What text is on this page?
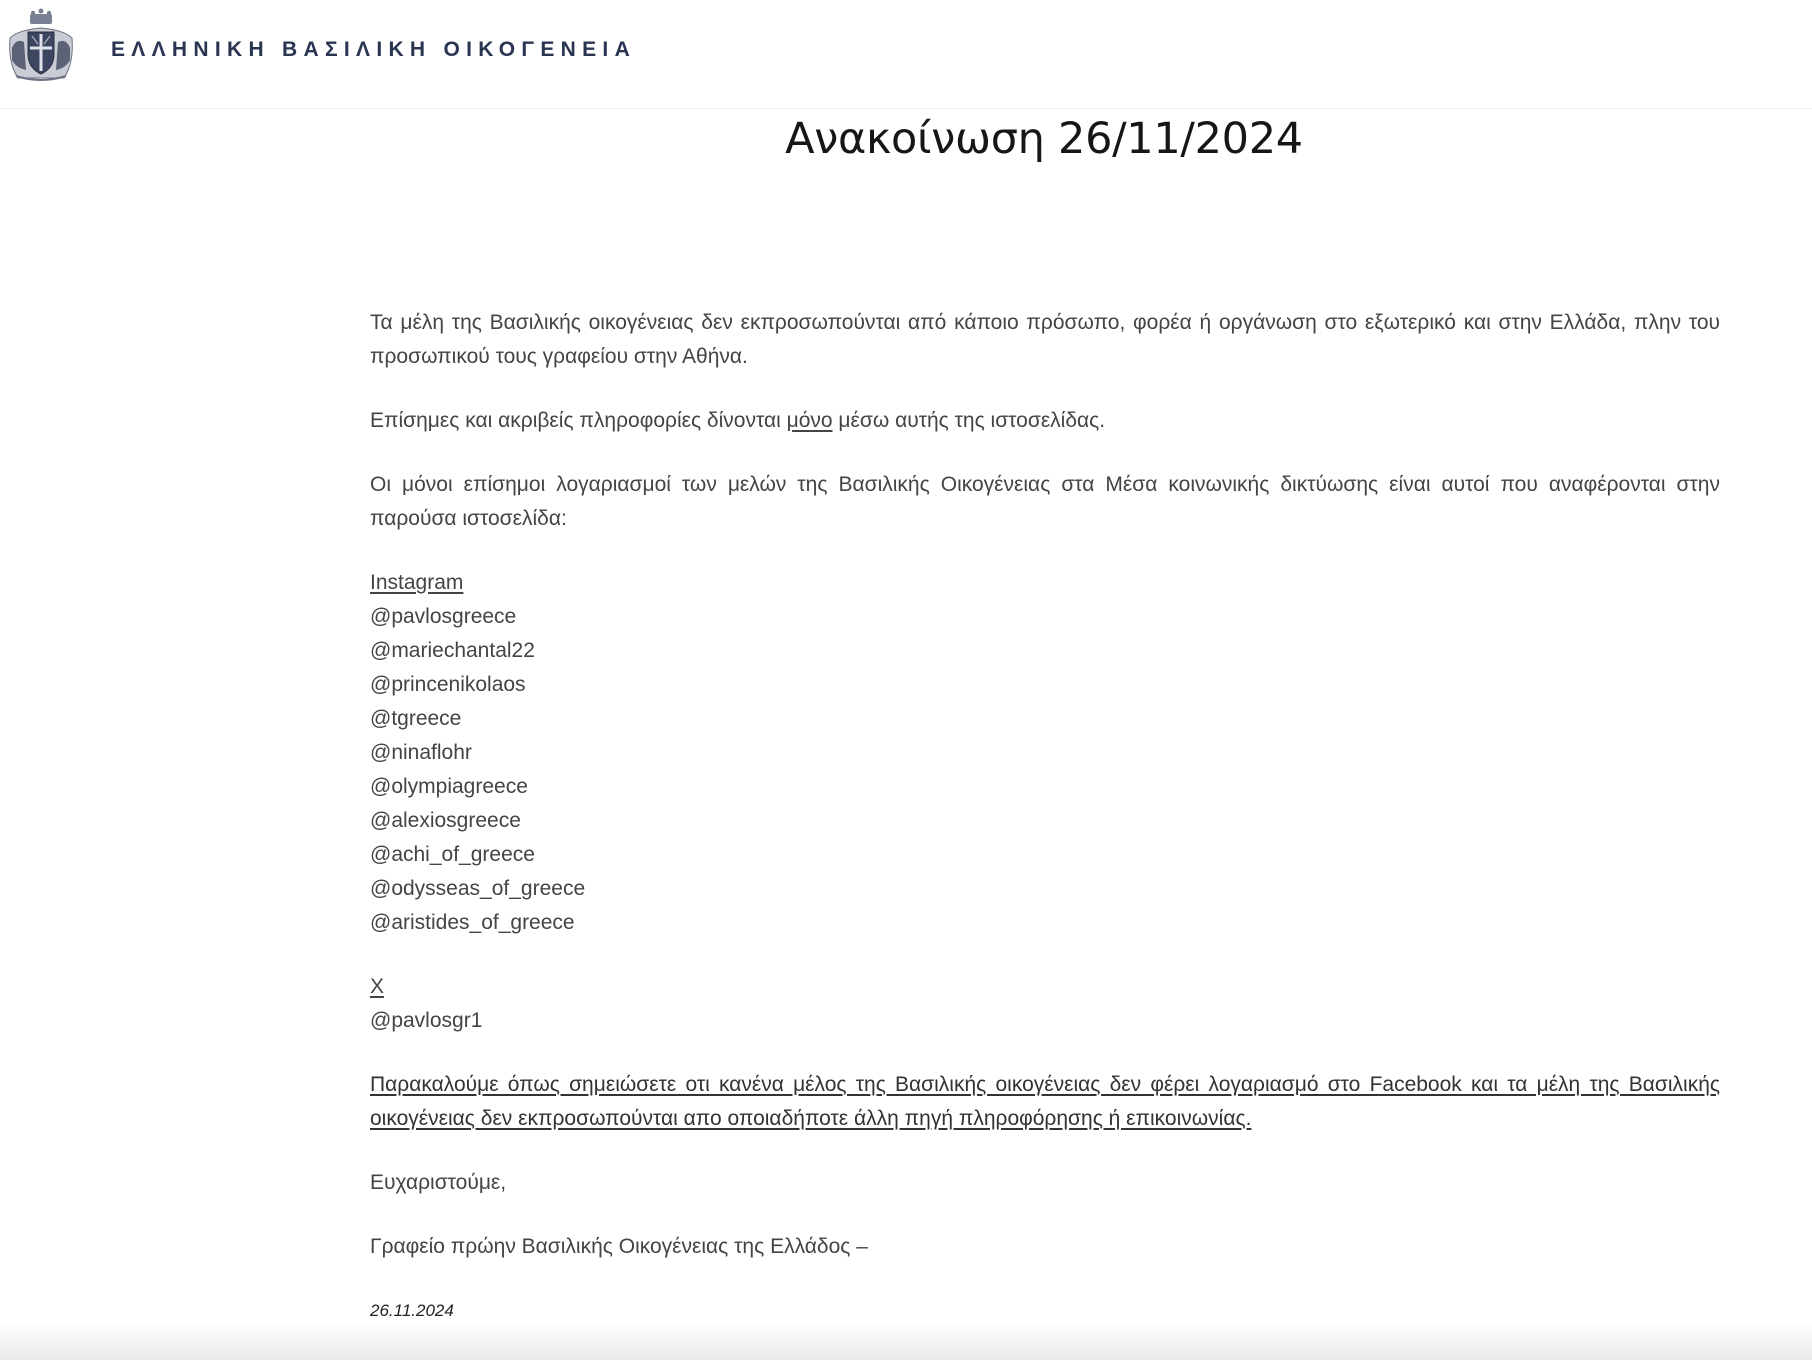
ΕΛΛΗΝΙΚΗ ΒΑΣΙΛΙΚΗ ΟΙΚΟΓΕΝΕΙΑ
Ανακοίνωση 26/11/2024

Τα μέλη της Βασιλικής οικογένειας δεν εκπροσωπούνται από κάποιο πρόσωπο, φορέα ή οργάνωση στο εξωτερικό και στην Ελλάδα, πλην του προσωπικού τους γραφείου στην Αθήνα.

Επίσημες και ακριβείς πληροφορίες δίνονται μόνο μέσω αυτής της ιστοσελίδας.

Οι μόνοι επίσημοι λογαριασμοί των μελών της Βασιλικής Οικογένειας στα Μέσα κοινωνικής δικτύωσης είναι αυτοί που αναφέρονται στην παρούσα ιστοσελίδα:

Instagram
@pavlosgreece
@mariechantal22
@princenikolaos
@tgreece
@ninaflohr
@olympiagreece
@alexiosgreece
@achi_of_greece
@odysseas_of_greece
@aristides_of_greece
X
@pavlosgr1

Παρακαλούμε όπως σημειώσετε οτι κανένα μέλος της Βασιλικής οικογένειας δεν φέρει λογαριασμό στο Facebook και τα μέλη της Βασιλικής οικογένειας δεν εκπροσωπούνται απο οποιαδήποτε άλλη πηγή πληροφόρησης ή επικοινωνίας.

Ευχαριστούμε,

Γραφείο πρώην Βασιλικής Οικογένειας της Ελλάδος –

26.11.2024
